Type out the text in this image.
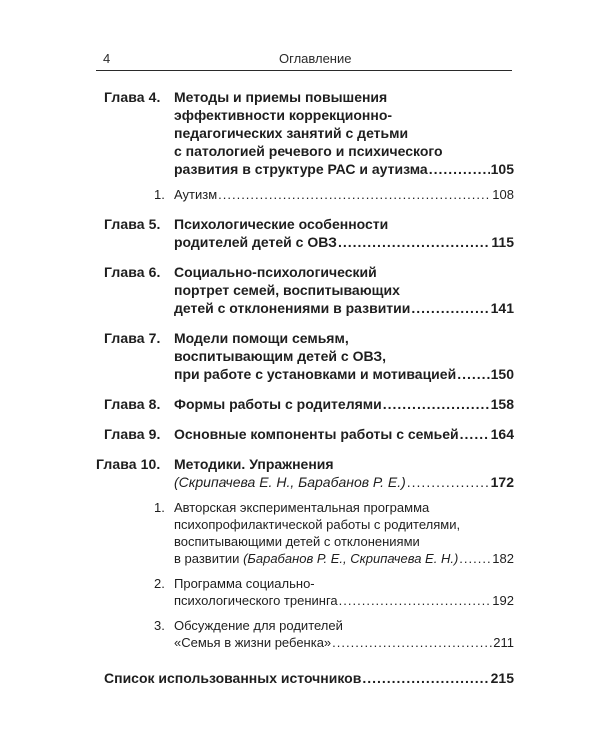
4	Оглавление
Глава 4. Методы и приемы повышения
эффективности коррекционно-
педагогических занятий с детьми
с патологией речевого и психического
развития в структуре РАС и аутизма .....	105
1. Аутизм .....	108
Глава 5. Психологические особенности
родителей детей с ОВЗ .....	115
Глава 6. Социально-психологический
портрет семей, воспитывающих
детей с отклонениями в развитии .....	141
Глава 7. Модели помощи семьям,
воспитывающим детей с ОВЗ,
при работе с установками и мотивацией ..... 150
Глава 8. Формы работы с родителями .....	158
Глава 9. Основные компоненты работы с семьей ..... 164
Глава 10. Методики. Упражнения
(Скрипачева Е. Н., Барабанов Р. Е.) .....	172
1. Авторская экспериментальная программа
психопрофилактической работы с родителями,
воспитывающими детей с отклонениями
в развитии (Барабанов Р. Е., Скрипачева Е. Н.) .....	182
2. Программа социально-
психологического тренинга .....	192
3. Обсуждение для родителей
«Семья в жизни ребенка» .....	211
Список использованных источников .....	215
